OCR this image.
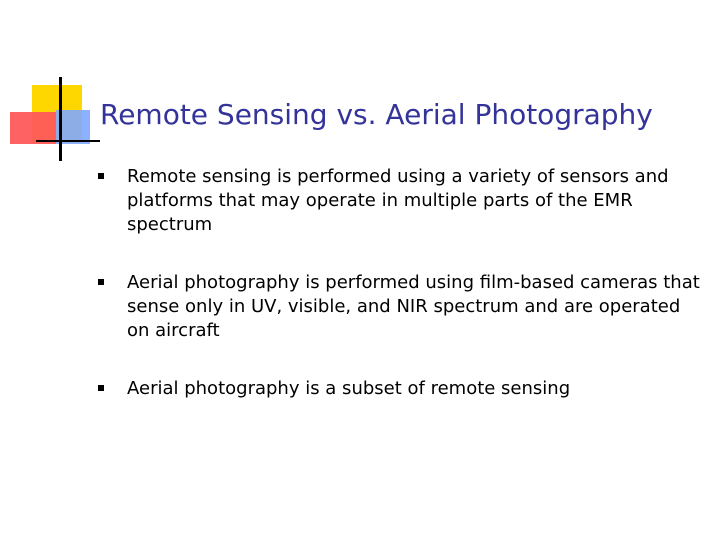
Remote Sensing vs. Aerial Photography
Remote sensing is performed using a variety of sensors and platforms that may operate in multiple parts of the EMR spectrum
Aerial photography is performed using film-based cameras that sense only in UV, visible, and NIR spectrum and are operated on aircraft
Aerial photography is a subset of remote sensing
